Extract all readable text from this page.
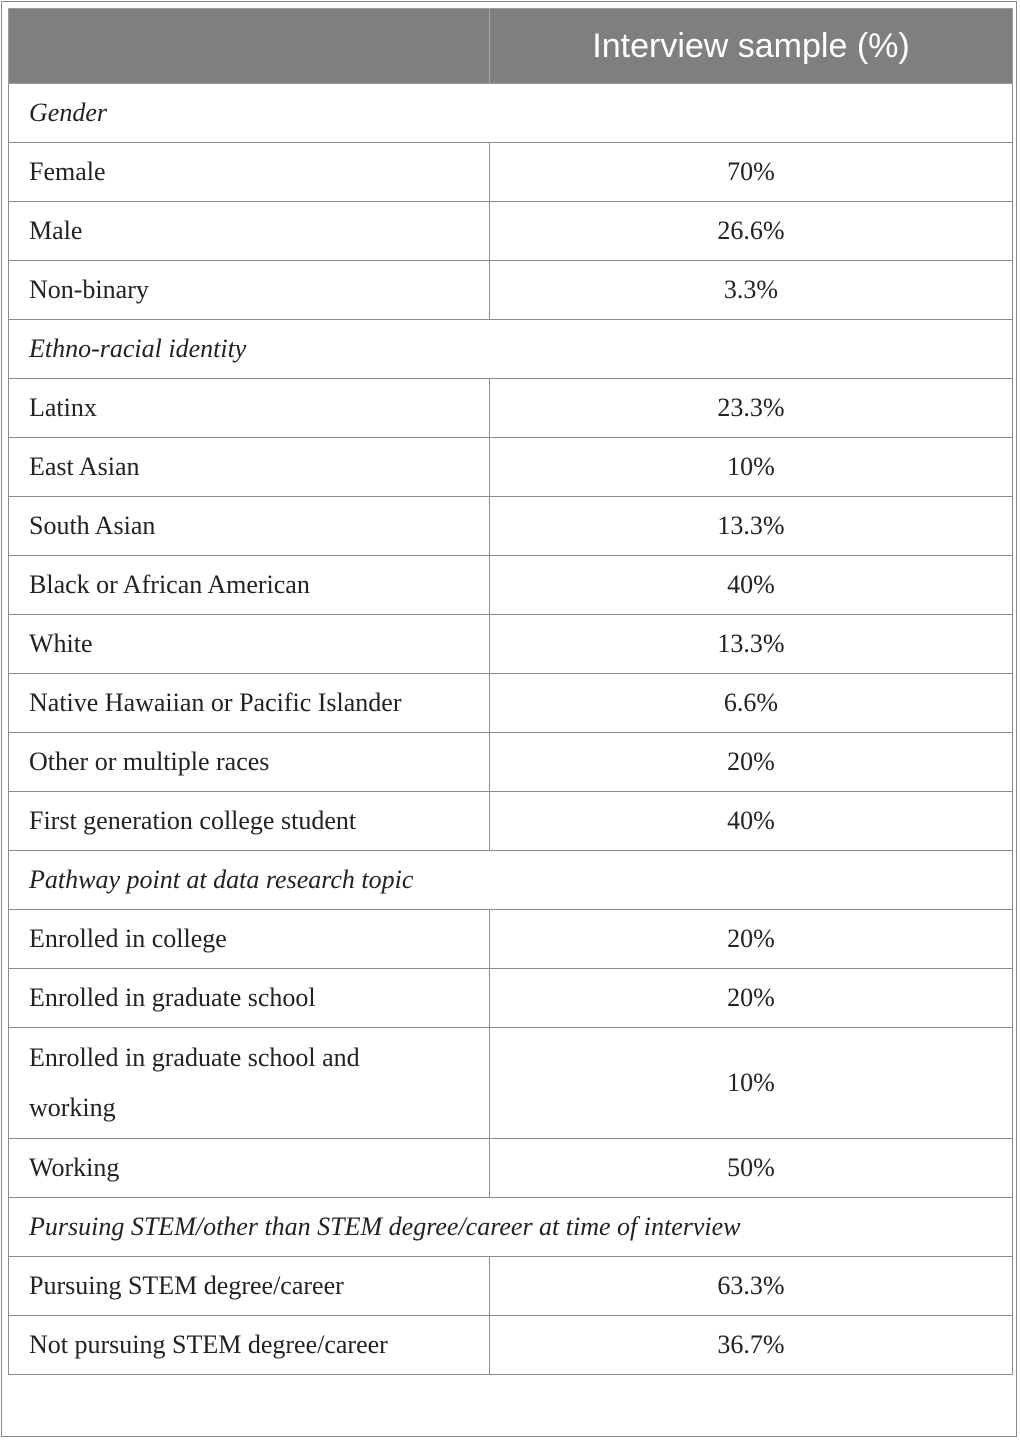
	Interview sample (%)
Gender	
Female	70%
Male	26.6%
Non-binary	3.3%
Ethno-racial identity	
Latinx	23.3%
East Asian	10%
South Asian	13.3%
Black or African American	40%
White	13.3%
Native Hawaiian or Pacific Islander	6.6%
Other or multiple races	20%
First generation college student	40%
Pathway point at data research topic	
Enrolled in college	20%
Enrolled in graduate school	20%
Enrolled in graduate school and working	10%
Working	50%
Pursuing STEM/other than STEM degree/career at time of interview	
Pursuing STEM degree/career	63.3%
Not pursuing STEM degree/career	36.7%
